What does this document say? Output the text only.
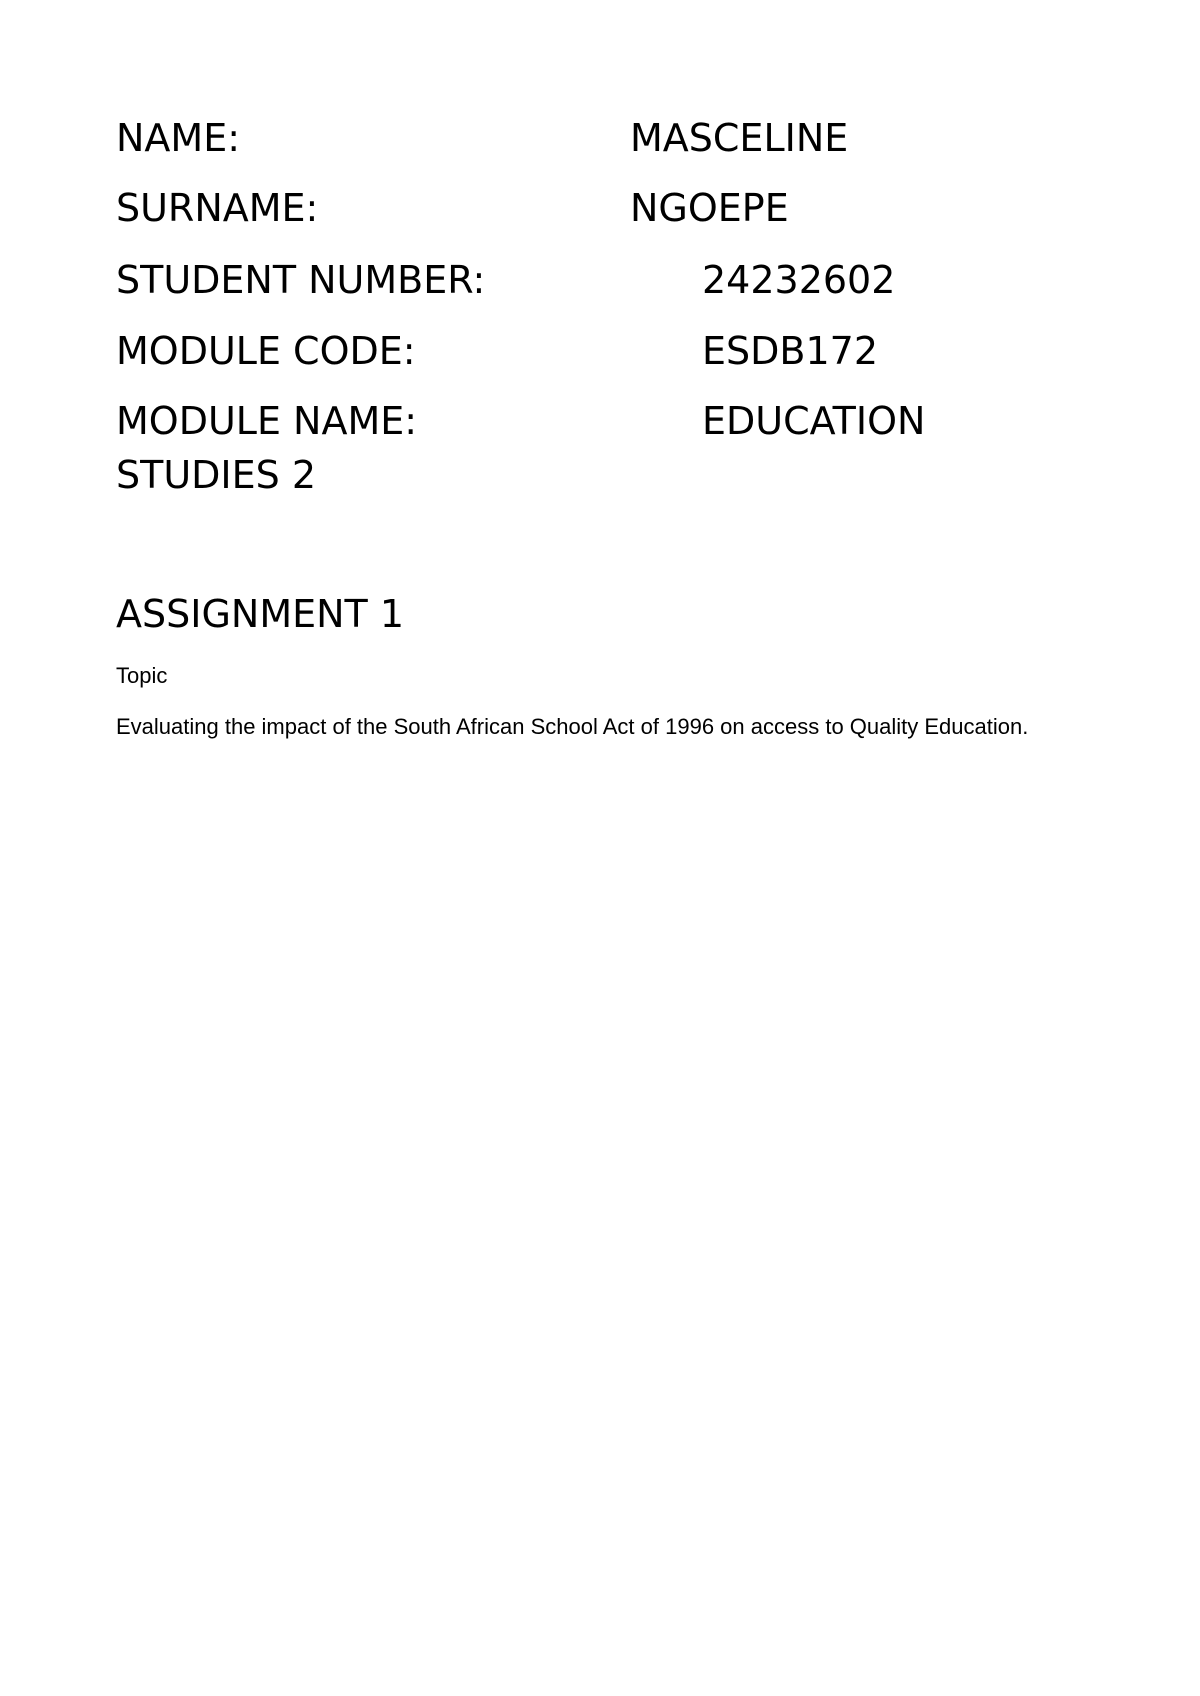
NAME:	MASCELINE
SURNAME:	NGOEPE
STUDENT NUMBER:	24232602
MODULE CODE:	ESDB172
MODULE NAME:	EDUCATION
STUDIES 2
ASSIGNMENT 1
Topic
Evaluating the impact of the South African School Act of 1996 on access to Quality Education.
